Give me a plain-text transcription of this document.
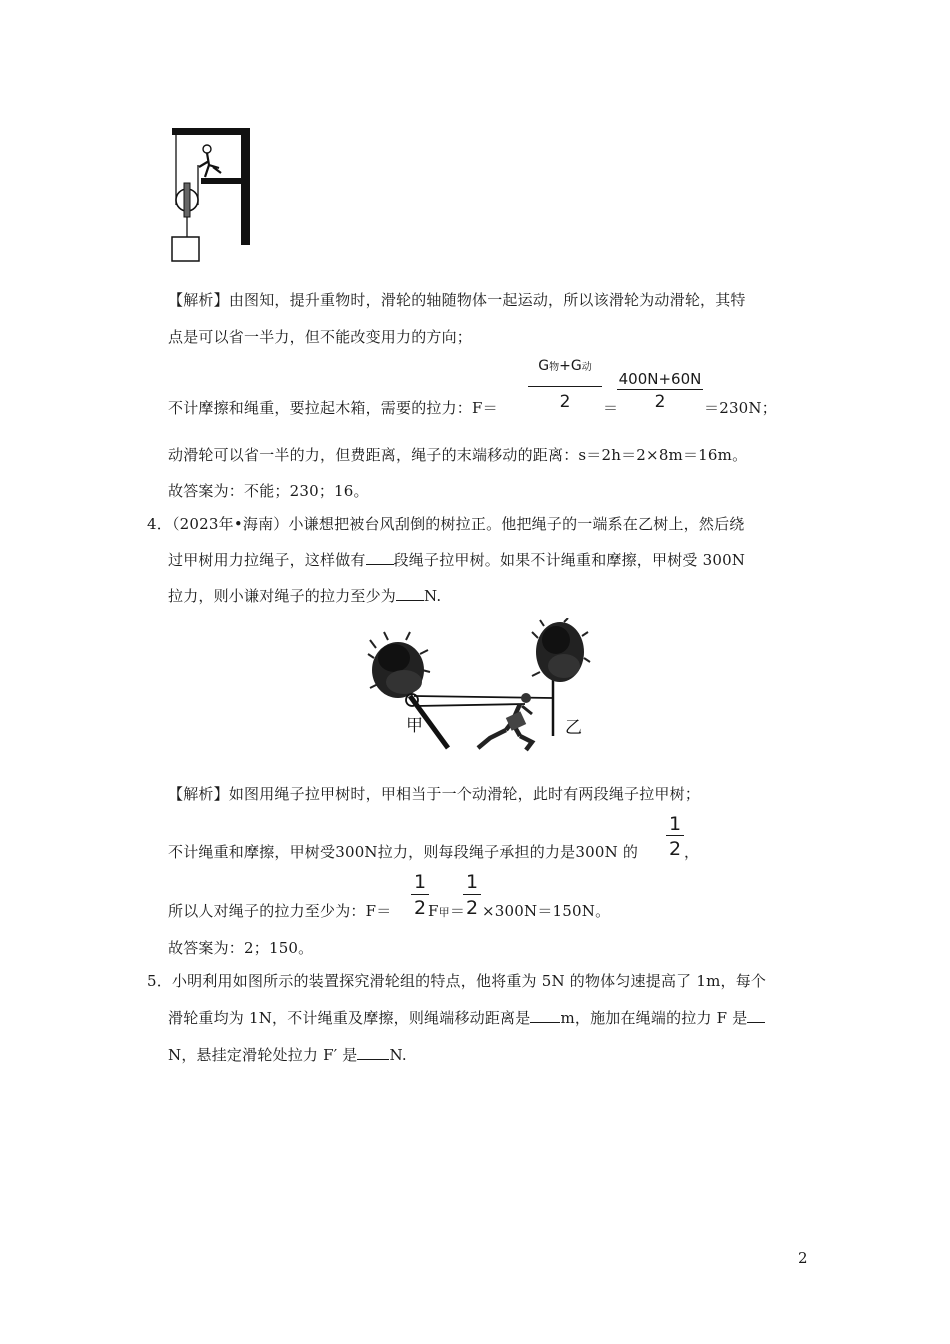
【解析】由图知，提升重物时，滑轮的轴随物体一起运动，所以该滑轮为动滑轮，其特
点是可以省一半力，但不能改变用力的方向；
不计摩擦和绳重，要拉起木箱，需要的拉力：F＝
G物+G动
2	＝
400N+60N
2	＝230N；
动滑轮可以省一半的力，但费距离，绳子的末端移动的距离：s＝2h＝2×8m＝16m。
故答案为：不能；230；16。
4．（2023年•海南）小谦想把被台风刮倒的树拉正。他把绳子的一端系在乙树上，然后绕
过甲树用力拉绳子，这样做有 段绳子拉甲树。如果不计绳重和摩擦，甲树受 300N
拉力，则小谦对绳子的拉力至少为 N.
甲	乙
【解析】如图用绳子拉甲树时，甲相当于一个动滑轮，此时有两段绳子拉甲树；
不计绳重和摩擦，甲树受300N拉力，则每段绳子承担的力是300N 的
1
2 ，
所以人对绳子的拉力至少为：F＝
1
2 F甲＝
1
2 ×300N＝150N。
故答案为：2；150。
5．小明利用如图所示的装置探究滑轮组的特点，他将重为 5N 的物体匀速提高了 1m，每个
滑轮重均为 1N，不计绳重及摩擦，则绳端移动距离是 m，施加在绳端的拉力 F 是
N，悬挂定滑轮处拉力 F′ 是 N.
2
